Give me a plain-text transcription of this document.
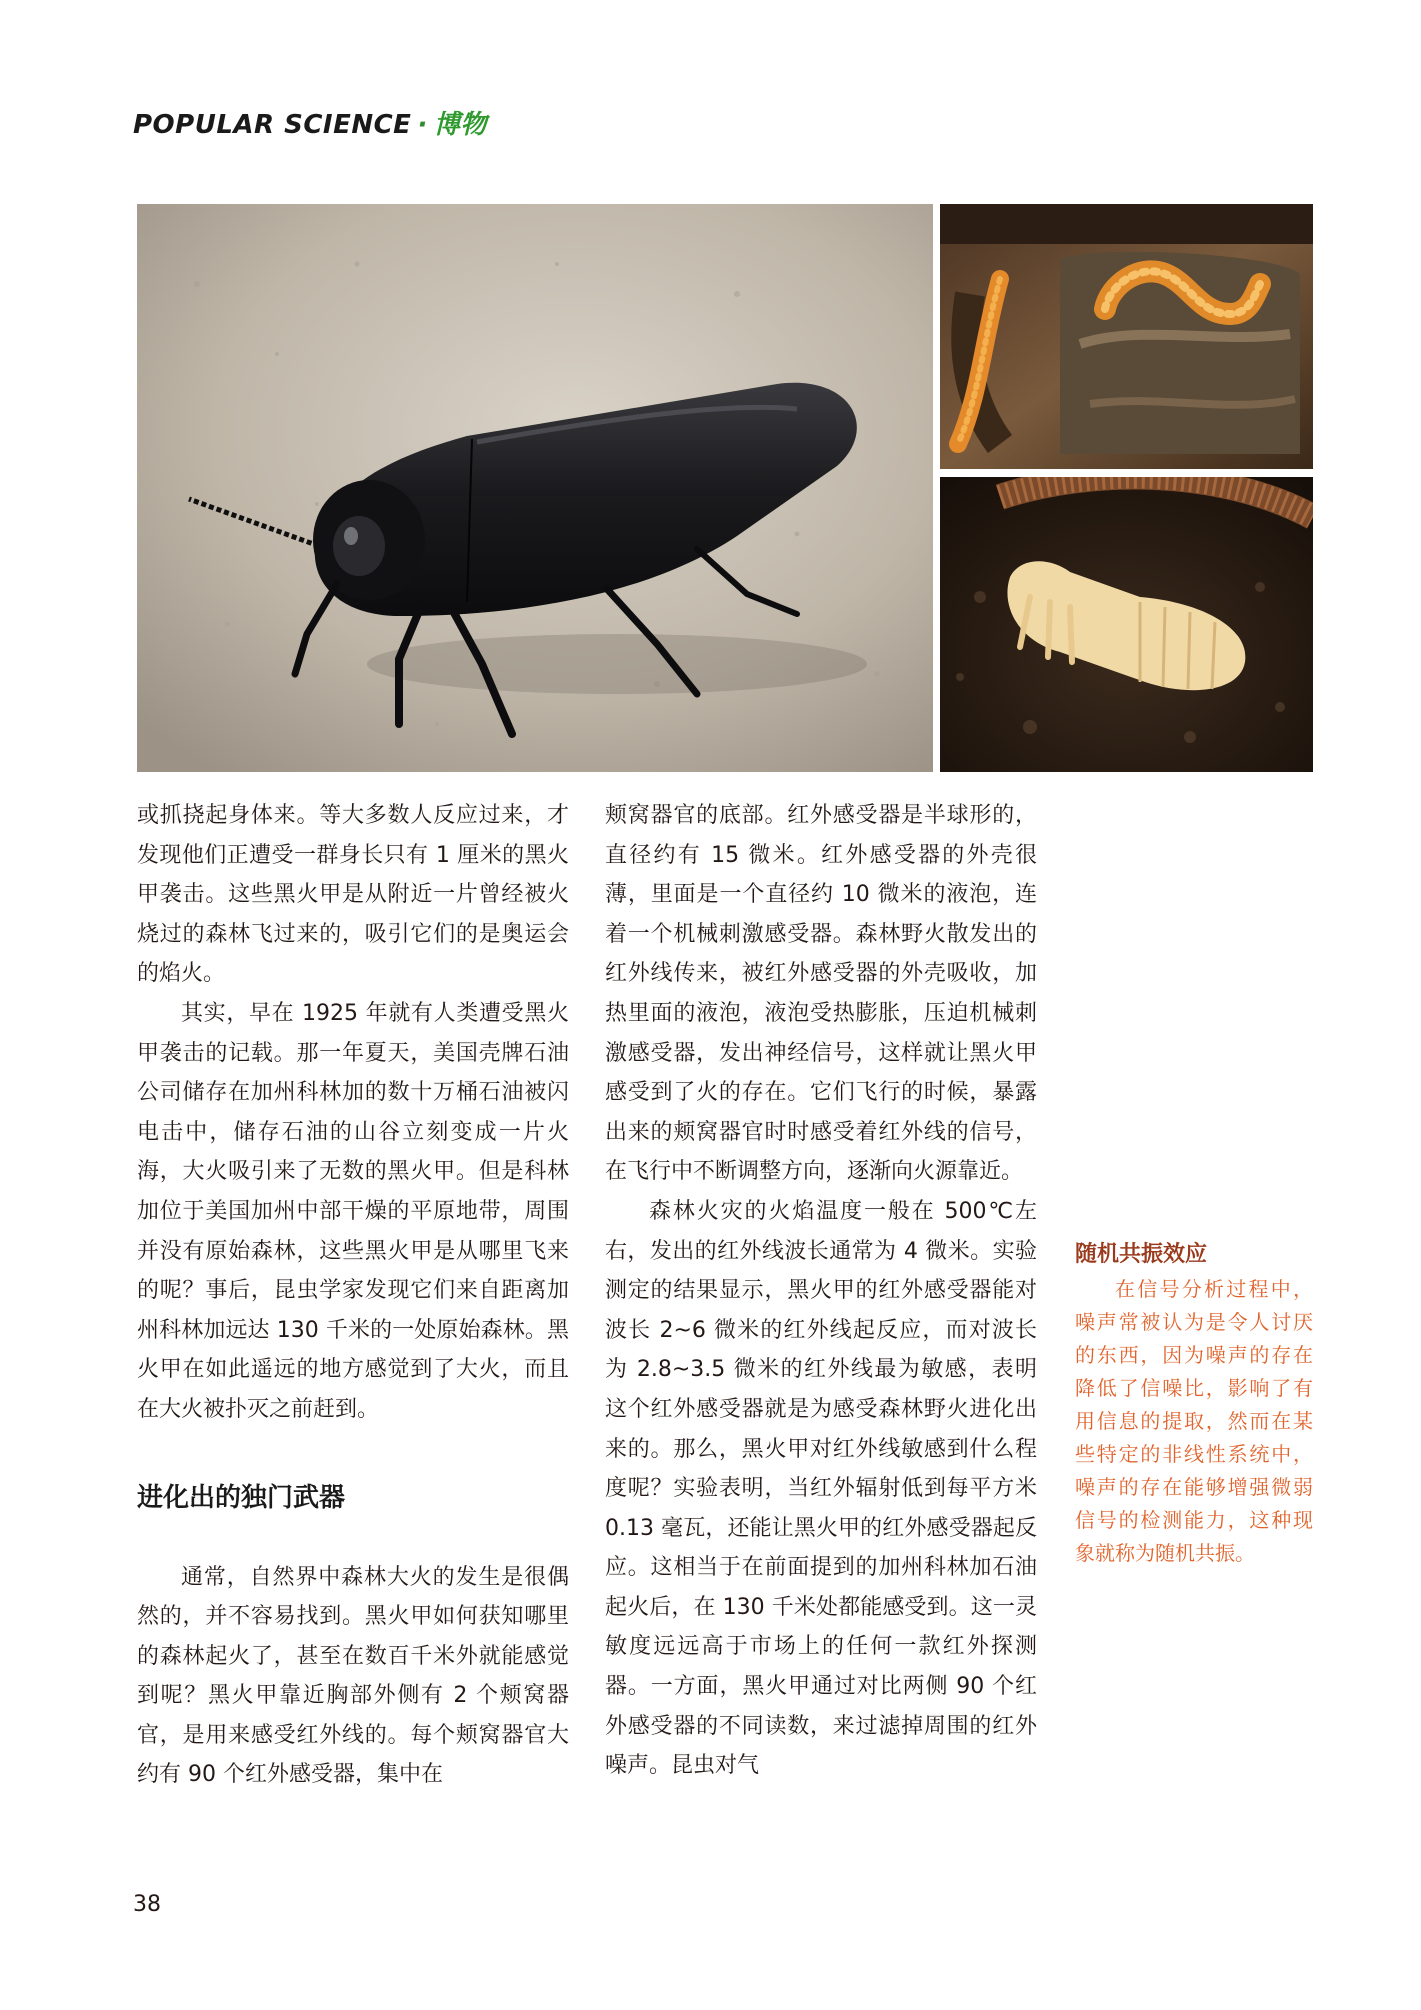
POPULAR SCIENCE · 博物

或抓挠起身体来。等大多数人反应过来，才发现他们正遭受一群身长只有 1 厘米的黑火甲袭击。这些黑火甲是从附近一片曾经被火烧过的森林飞过来的，吸引它们的是奥运会的焰火。

其实，早在 1925 年就有人类遭受黑火甲袭击的记载。那一年夏天，美国壳牌石油公司储存在加州科林加的数十万桶石油被闪电击中，储存石油的山谷立刻变成一片火海，大火吸引来了无数的黑火甲。但是科林加位于美国加州中部干燥的平原地带，周围并没有原始森林，这些黑火甲是从哪里飞来的呢？事后，昆虫学家发现它们来自距离加州科林加远达 130 千米的一处原始森林。黑火甲在如此遥远的地方感觉到了大火，而且在大火被扑灭之前赶到。

进化出的独门武器

通常，自然界中森林大火的发生是很偶然的，并不容易找到。黑火甲如何获知哪里的森林起火了，甚至在数百千米外就能感觉到呢？黑火甲靠近胸部外侧有 2 个颊窝器官，是用来感受红外线的。每个颊窝器官大约有 90 个红外感受器，集中在

颊窝器官的底部。红外感受器是半球形的，直径约有 15 微米。红外感受器的外壳很薄，里面是一个直径约 10 微米的液泡，连着一个机械刺激感受器。森林野火散发出的红外线传来，被红外感受器的外壳吸收，加热里面的液泡，液泡受热膨胀，压迫机械刺激感受器，发出神经信号，这样就让黑火甲感受到了火的存在。它们飞行的时候，暴露出来的颊窝器官时时感受着红外线的信号，在飞行中不断调整方向，逐渐向火源靠近。

森林火灾的火焰温度一般在 500℃左右，发出的红外线波长通常为 4 微米。实验测定的结果显示，黑火甲的红外感受器能对波长 2~6 微米的红外线起反应，而对波长为 2.8~3.5 微米的红外线最为敏感，表明这个红外感受器就是为感受森林野火进化出来的。那么，黑火甲对红外线敏感到什么程度呢？实验表明，当红外辐射低到每平方米 0.13 毫瓦，还能让黑火甲的红外感受器起反应。这相当于在前面提到的加州科林加石油起火后，在 130 千米处都能感受到。这一灵敏度远远高于市场上的任何一款红外探测器。一方面，黑火甲通过对比两侧 90 个红外感受器的不同读数，来过滤掉周围的红外噪声。昆虫对气

随机共振效应

在信号分析过程中，噪声常被认为是令人讨厌的东西，因为噪声的存在降低了信噪比，影响了有用信息的提取，然而在某些特定的非线性系统中，噪声的存在能够增强微弱信号的检测能力，这种现象就称为随机共振。

38
